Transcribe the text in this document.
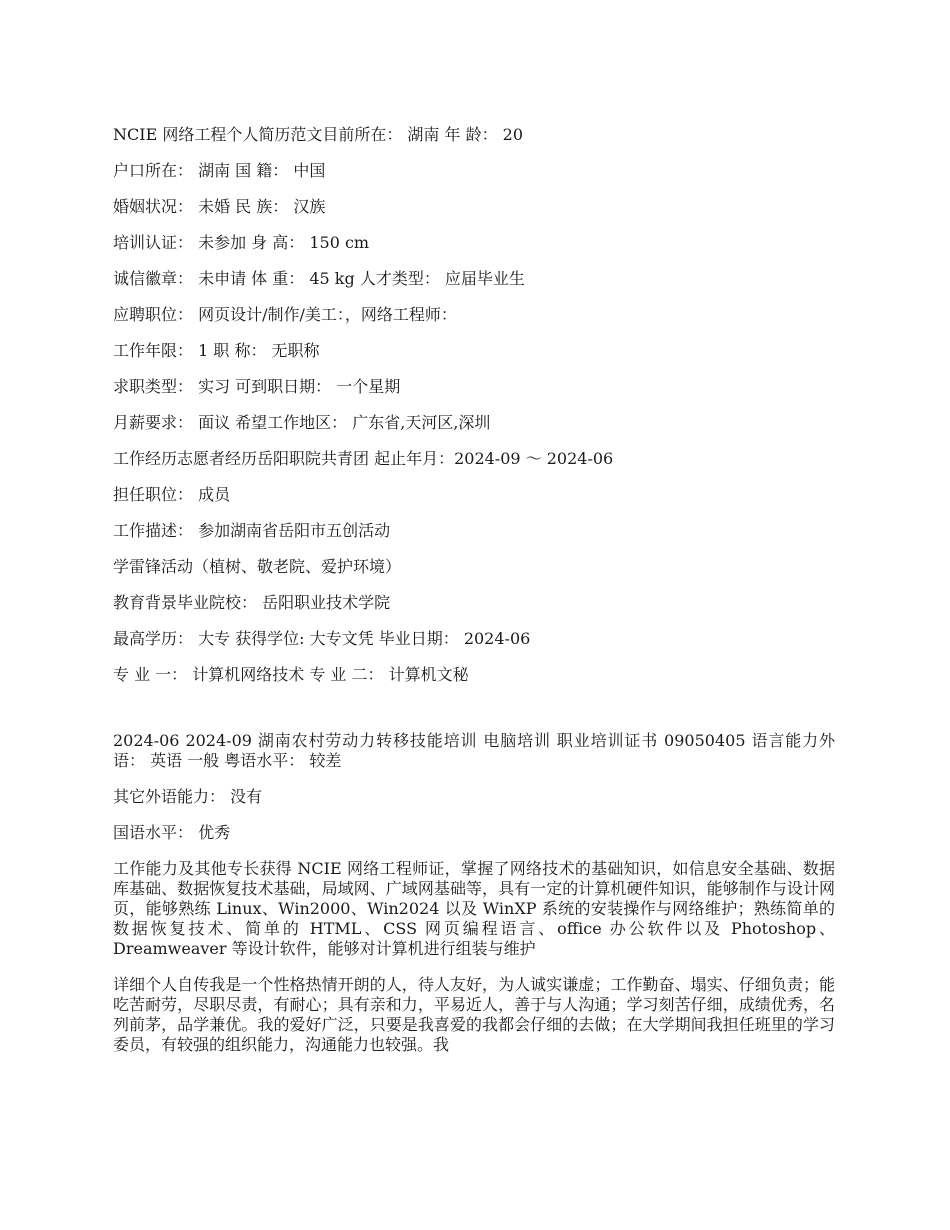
NCIE 网络工程个人简历范文目前所在： 湖南 年 龄： 20
户口所在： 湖南 国 籍： 中国
婚姻状况： 未婚 民 族： 汉族
培训认证： 未参加 身 高： 150 cm
诚信徽章： 未申请 体 重： 45 kg 人才类型： 应届毕业生
应聘职位： 网页设计/制作/美工：，网络工程师：
工作年限： 1 职 称： 无职称
求职类型： 实习 可到职日期： 一个星期
月薪要求： 面议 希望工作地区： 广东省,天河区,深圳
工作经历志愿者经历岳阳职院共青团 起止年月：2024-09 ～ 2024-06
担任职位： 成员
工作描述： 参加湖南省岳阳市五创活动
学雷锋活动（植树、敬老院、爱护环境）
教育背景毕业院校： 岳阳职业技术学院
最高学历： 大专 获得学位: 大专文凭 毕业日期： 2024-06
专 业 一： 计算机网络技术 专 业 二： 计算机文秘
2024-06 2024-09 湖南农村劳动力转移技能培训 电脑培训 职业培训证书 09050405 语言能力外语： 英语 一般 粤语水平： 较差
其它外语能力： 没有
国语水平： 优秀
工作能力及其他专长获得 NCIE 网络工程师证，掌握了网络技术的基础知识，如信息安全基础、数据库基础、数据恢复技术基础，局域网、广域网基础等，具有一定的计算机硬件知识，能够制作与设计网页，能够熟练 Linux、Win2000、Win2024 以及 WinXP 系统的安装操作与网络维护；熟练简单的数据恢复技术、简单的 HTML、CSS 网页编程语言、office 办公软件以及 Photoshop、Dreamweaver 等设计软件，能够对计算机进行组装与维护
详细个人自传我是一个性格热情开朗的人，待人友好，为人诚实谦虚；工作勤奋、塌实、仔细负责；能吃苦耐劳，尽职尽责，有耐心；具有亲和力，平易近人，善于与人沟通；学习刻苦仔细，成绩优秀，名列前茅，品学兼优。我的爱好广泛，只要是我喜爱的我都会仔细的去做；在大学期间我担任班里的学习委员，有较强的组织能力，沟通能力也较强。我
